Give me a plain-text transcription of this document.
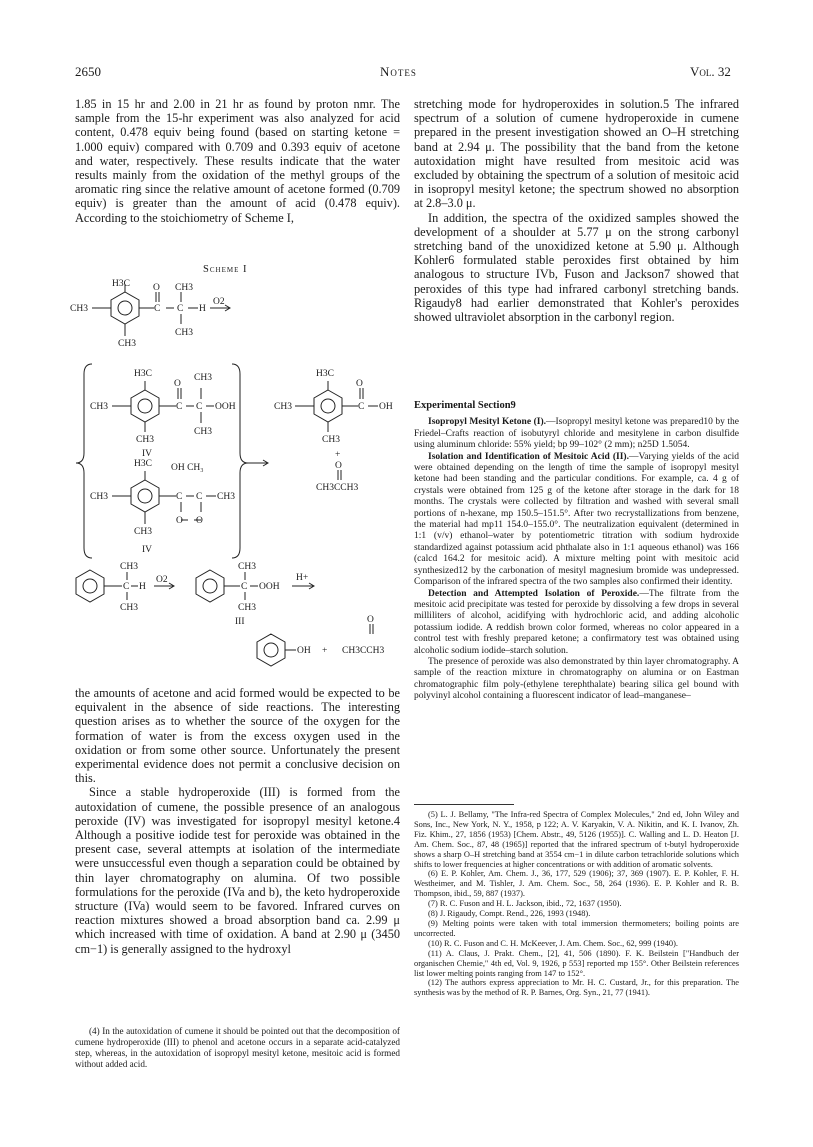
2650	Notes	Vol. 32

1.85 in 15 hr and 2.00 in 21 hr as found by proton nmr. The sample from the 15-hr experiment was also analyzed for acid content, 0.478 equiv being found (based on starting ketone = 1.000 equiv) compared with 0.709 and 0.393 equiv of acetone and water, respectively. These results indicate that the water results mainly from the oxidation of the methyl groups of the aromatic ring since the relative amount of acetone formed (0.709 equiv) is greater than the amount of acid (0.478 equiv). According to the stoichiometry of Scheme I,

Scheme I
H3C O CH3
CH3	C C H
CH3
CH3
O2
H3C
O
CH3
CH3	C C OOH
CH3
CH3
IV
H3C OH CH₃
CH3	C C CH3
O O
CH3
IV
H3C
O
CH3	C OH
CH3
+
O
CH3CCH3
CH3
C H
CH3
O2
CH3
C OOH
CH3
III
H+
OH +
O
CH3CCH3

the amounts of acetone and acid formed would be expected to be equivalent in the absence of side reactions. The interesting question arises as to whether the source of the oxygen for the formation of water is from the excess oxygen used in the oxidation or from some other source. Unfortunately the present experimental evidence does not permit a conclusive decision on this.

Since a stable hydroperoxide (III) is formed from the autoxidation of cumene, the possible presence of an analogous peroxide (IV) was investigated for isopropyl mesityl ketone.4 Although a positive iodide test for peroxide was obtained in the present case, several attempts at isolation of the intermediate were unsuccessful even though a separation could be obtained by thin layer chromatography on alumina. Of two possible formulations for the peroxide (IVa and b), the keto hydroperoxide structure (IVa) would seem to be favored. Infrared curves on reaction mixtures showed a broad absorption band ca. 2.99 μ which increased with time of oxidation. A band at 2.90 μ (3450 cm−1) is generally assigned to the hydroxyl

(4) In the autoxidation of cumene it should be pointed out that the decomposition of cumene hydroperoxide (III) to phenol and acetone occurs in a separate acid-catalyzed step, whereas, in the autoxidation of isopropyl mesityl ketone, mesitoic acid is formed without added acid.

stretching mode for hydroperoxides in solution.5 The infrared spectrum of a solution of cumene hydroperoxide in cumene prepared in the present investigation showed an O–H stretching band at 2.94 μ. The possibility that the band from the ketone autoxidation might have resulted from mesitoic acid was excluded by obtaining the spectrum of a solution of mesitoic acid in isopropyl mesityl ketone; the spectrum showed no absorption at 2.8–3.0 μ.

In addition, the spectra of the oxidized samples showed the development of a shoulder at 5.77 μ on the strong carbonyl stretching band of the unoxidized ketone at 5.90 μ. Although Kohler6 formulated stable peroxides first obtained by him analogous to structure IVb, Fuson and Jackson7 showed that peroxides of this type had infrared carbonyl stretching bands. Rigaudy8 had earlier demonstrated that Kohler's peroxides showed ultraviolet absorption in the carbonyl region.

Experimental Section9

Isopropyl Mesityl Ketone (I).—Isopropyl mesityl ketone was prepared10 by the Friedel–Crafts reaction of isobutyryl chloride and mesitylene in carbon disulfide using aluminum chloride: 55% yield; bp 99–102° (2 mm); n25D 1.5054.

Isolation and Identification of Mesitoic Acid (II).—Varying yields of the acid were obtained depending on the length of time the sample of isopropyl mesityl ketone had been standing and the particular conditions. For example, ca. 4 g of crystals were obtained from 125 g of the ketone after storage in the dark for 18 months. The crystals were collected by filtration and washed with several small portions of n-hexane, mp 150.5–151.5°. After two recrystallizations from benzene, the material had mp11 154.0–155.0°. The neutralization equivalent (determined in 1:1 (v/v) ethanol–water by potentiometric titration with sodium hydroxide standardized against potassium acid phthalate also in 1:1 aqueous ethanol) was 166 (calcd 164.2 for mesitoic acid). A mixture melting point with mesitoic acid synthesized12 by the carbonation of mesityl magnesium bromide was undepressed. Comparison of the infrared spectra of the two samples also confirmed their identity.

Detection and Attempted Isolation of Peroxide.—The filtrate from the mesitoic acid precipitate was tested for peroxide by dissolving a few drops in several milliliters of alcohol, acidifying with hydrochloric acid, and adding alcoholic potassium iodide. A reddish brown color formed, whereas no color appeared in a control test with freshly prepared ketone; a confirmatory test was obtained using alcoholic sodium iodide–starch solution.

The presence of peroxide was also demonstrated by thin layer chromatography. A sample of the reaction mixture in chromatography on alumina or on Eastman chromatographic film poly-(ethylene terephthalate) bearing silica gel bound with polyvinyl alcohol containing a fluorescent indicator of lead–manganese–

(5) L. J. Bellamy, "The Infra-red Spectra of Complex Molecules," 2nd ed, John Wiley and Sons, Inc., New York, N. Y., 1958, p 122; A. V. Karyakin, V. A. Nikitin, and K. I. Ivanov, Zh. Fiz. Khim., 27, 1856 (1953) [Chem. Abstr., 49, 5126 (1955)]. C. Walling and L. D. Heaton [J. Am. Chem. Soc., 87, 48 (1965)] reported that the infrared spectrum of t-butyl hydroperoxide shows a sharp O–H stretching band at 3554 cm−1 in dilute carbon tetrachloride solutions which shifts to lower frequencies at higher concentrations or with addition of aromatic solvents.

(6) E. P. Kohler, Am. Chem. J., 36, 177, 529 (1906); 37, 369 (1907). E. P. Kohler, F. H. Westheimer, and M. Tishler, J. Am. Chem. Soc., 58, 264 (1936). E. P. Kohler and R. B. Thompson, ibid., 59, 887 (1937).

(7) R. C. Fuson and H. L. Jackson, ibid., 72, 1637 (1950).

(8) J. Rigaudy, Compt. Rend., 226, 1993 (1948).

(9) Melting points were taken with total immersion thermometers; boiling points are uncorrected.

(10) R. C. Fuson and C. H. McKeever, J. Am. Chem. Soc., 62, 999 (1940).

(11) A. Claus, J. Prakt. Chem., [2], 41, 506 (1890). F. K. Beilstein ["Handbuch der organischen Chemie," 4th ed, Vol. 9, 1926, p 553] reported mp 155°. Other Beilstein references list lower melting points ranging from 147 to 152°.

(12) The authors express appreciation to Mr. H. C. Custard, Jr., for this preparation. The synthesis was by the method of R. P. Barnes, Org. Syn., 21, 77 (1941).
